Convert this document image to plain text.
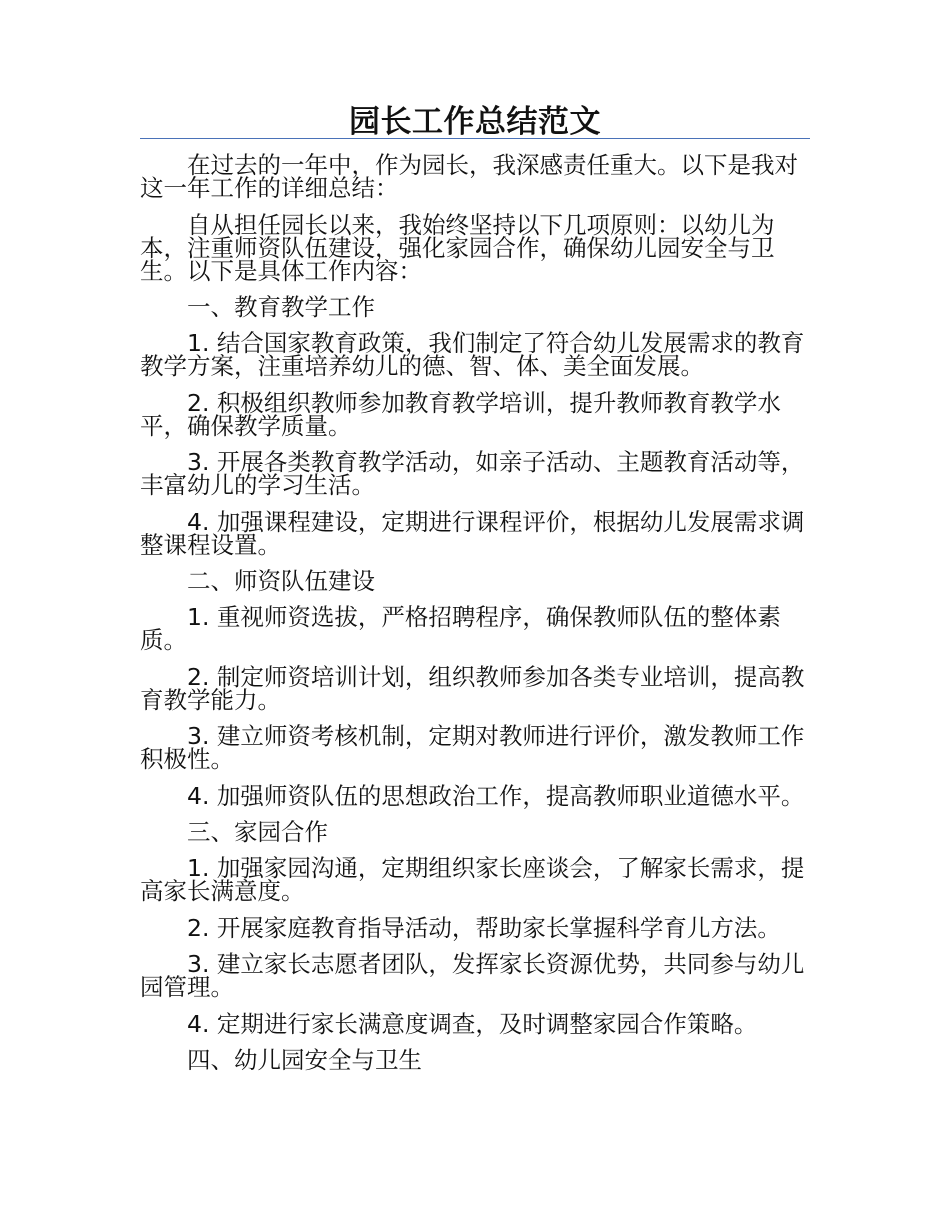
园长工作总结范文

在过去的一年中，作为园长，我深感责任重大。以下是我对这一年工作的详细总结：

自从担任园长以来，我始终坚持以下几项原则：以幼儿为本，注重师资队伍建设，强化家园合作，确保幼儿园安全与卫生。以下是具体工作内容：

一、教育教学工作

1. 结合国家教育政策，我们制定了符合幼儿发展需求的教育教学方案，注重培养幼儿的德、智、体、美全面发展。

2. 积极组织教师参加教育教学培训，提升教师教育教学水平，确保教学质量。

3. 开展各类教育教学活动，如亲子活动、主题教育活动等，丰富幼儿的学习生活。

4. 加强课程建设，定期进行课程评价，根据幼儿发展需求调整课程设置。

二、师资队伍建设

1. 重视师资选拔，严格招聘程序，确保教师队伍的整体素质。

2. 制定师资培训计划，组织教师参加各类专业培训，提高教育教学能力。

3. 建立师资考核机制，定期对教师进行评价，激发教师工作积极性。

4. 加强师资队伍的思想政治工作，提高教师职业道德水平。

三、家园合作

1. 加强家园沟通，定期组织家长座谈会，了解家长需求，提高家长满意度。

2. 开展家庭教育指导活动，帮助家长掌握科学育儿方法。

3. 建立家长志愿者团队，发挥家长资源优势，共同参与幼儿园管理。

4. 定期进行家长满意度调查，及时调整家园合作策略。

四、幼儿园安全与卫生
